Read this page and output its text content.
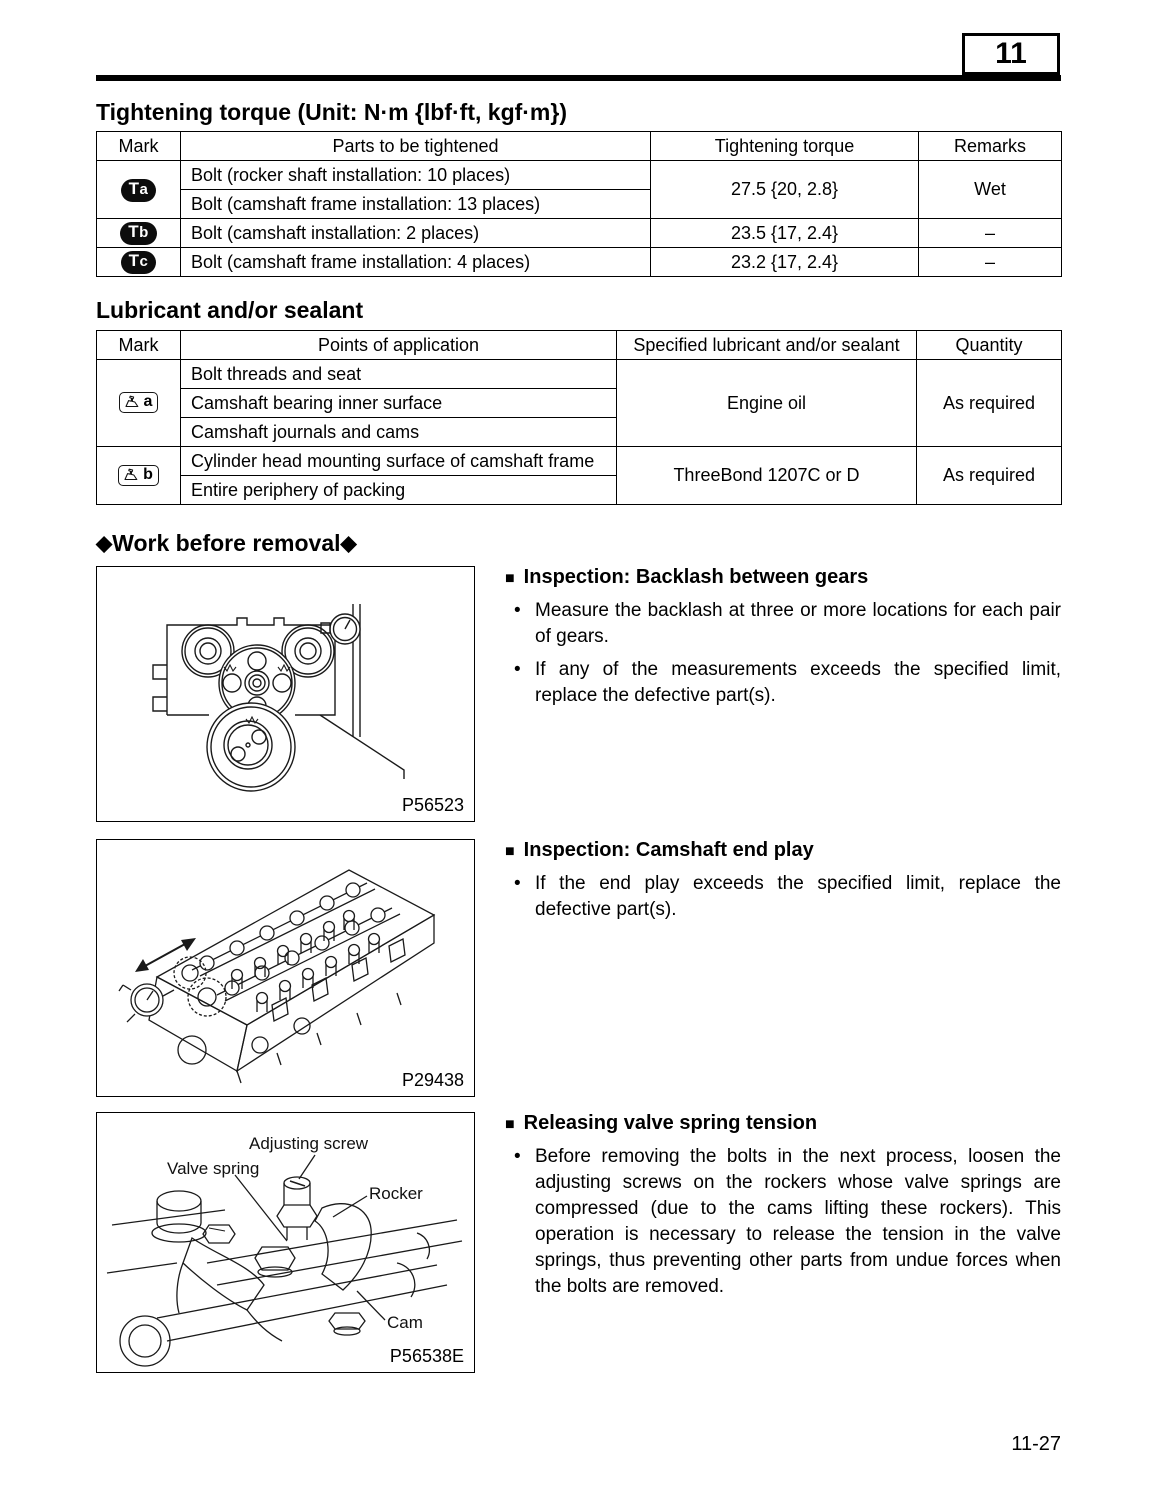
11
Tightening torque (Unit: N·m {lbf·ft, kgf·m})
Mark	Parts to be tightened	Tightening torque	Remarks
Ta	Bolt (rocker shaft installation: 10 places)	27.5 {20, 2.8}	Wet
	Bolt (camshaft frame installation: 13 places)		
Tb	Bolt (camshaft installation: 2 places)	23.5 {17, 2.4}	–
Tc	Bolt (camshaft frame installation: 4 places)	23.2 {17, 2.4}	–
Lubricant and/or sealant
Mark	Points of application	Specified lubricant and/or sealant	Quantity

a	Bolt threads and seat	Engine oil	As required
	Camshaft bearing inner surface		
	Camshaft journals and cams		

b	Cylinder head mounting surface of camshaft frame	ThreeBond 1207C or D	As required
	Entire periphery of packing		
◆Work before removal◆
P56523
■ Inspection: Backlash between gears
• Measure the backlash at three or more locations for each pair of gears.

• If any of the measurements exceeds the specified limit, replace the defective part(s).

P29438
■ Inspection: Camshaft end play
• If the end play exceeds the specified limit, replace the defective part(s).

Adjusting screw
Valve spring
Rocker
Cam
P56538E
■ Releasing valve spring tension
• Before removing the bolts in the next process, loosen the adjusting screws on the rockers whose valve springs are compressed (due to the cams lifting these rockers). This operation is necessary to release the tension in the valve springs, thus preventing other parts from undue forces when the bolts are removed.

11-27
